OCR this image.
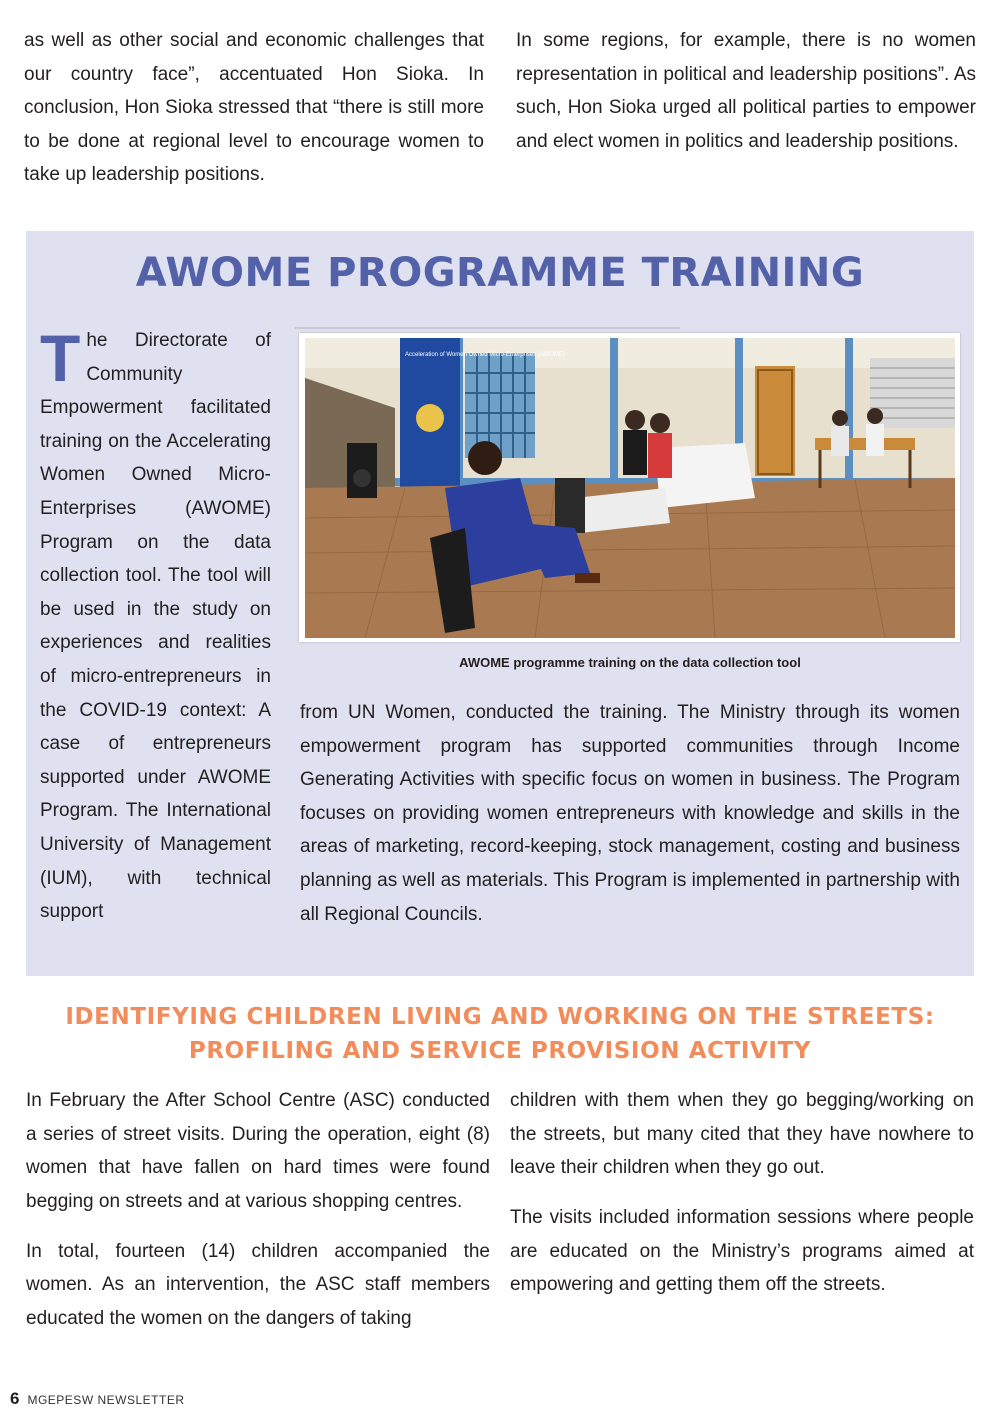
as well as other social and economic challenges that our country face”, accentuated Hon Sioka. In conclusion, Hon Sioka stressed that “there is still more to be done at regional level to encourage women to take up leadership positions.

In some regions, for example, there is no women representation in political and leadership positions”. As such, Hon Sioka urged all political parties to empower and elect women in politics and leadership positions.

AWOME PROGRAMME TRAINING

The Directorate of Community Empowerment facilitated training on the Accelerating Women Owned Micro-Enterprises (AWOME) Program on the data collection tool. The tool will be used in the study on experiences and realities of micro-entrepreneurs in the COVID-19 context: A case of entrepreneurs supported under AWOME Program. The International University of Management (IUM), with technical support

Acceleration of Women Owned Micro-Enterprises (AWOME)

AWOME programme training on the data collection tool

from UN Women, conducted the training. The Ministry through its women empowerment program has supported communities through Income Generating Activities with specific focus on women in business. The Program focuses on providing women entrepreneurs with knowledge and skills in the areas of marketing, record-keeping, stock management, costing and business planning as well as materials. This Program is implemented in partnership with all Regional Councils.

IDENTIFYING CHILDREN LIVING AND WORKING ON THE STREETS:
PROFILING AND SERVICE PROVISION ACTIVITY

In February the After School Centre (ASC) conducted a series of street visits. During the operation, eight (8) women that have fallen on hard times were found begging on streets and at various shopping centres.

In total, fourteen (14) children accompanied the women. As an intervention, the ASC staff members educated the women on the dangers of taking

children with them when they go begging/working on the streets, but many cited that they have nowhere to leave their children when they go out.

The visits included information sessions where people are educated on the Ministry’s programs aimed at empowering and getting them off the streets.

6 MGEPESW NEWSLETTER
